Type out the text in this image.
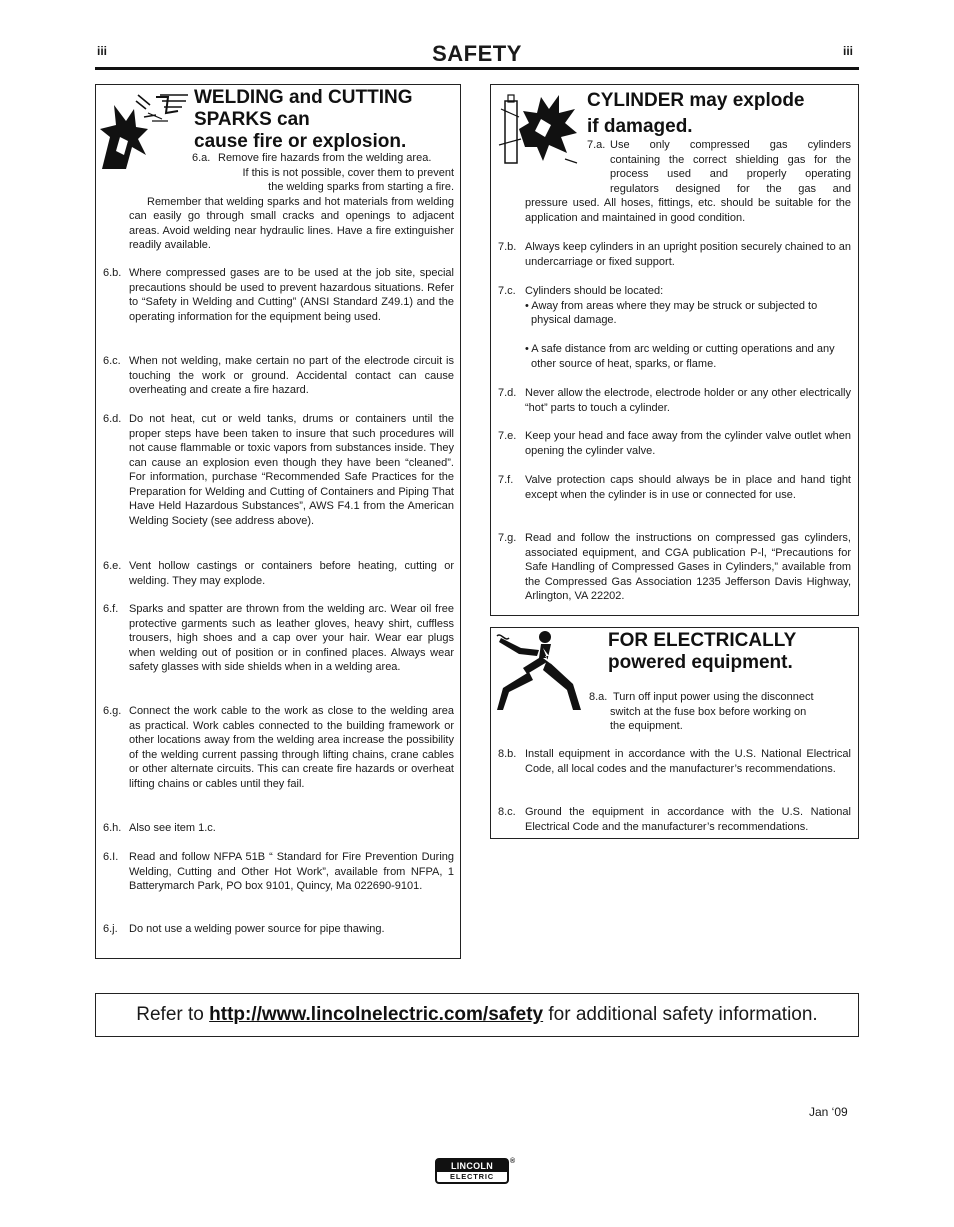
iii	iii
SAFETY
WELDING and CUTTING
SPARKS can
cause fire or explosion.
6.a. Remove fire hazards from the welding area.
If this is not possible, cover them to prevent
the welding sparks from starting a fire.
Remember that welding sparks and hot materials from welding can easily go through small cracks and openings to adjacent areas. Avoid welding near hydraulic lines. Have a fire extinguisher readily available.
6.b. Where compressed gases are to be used at the job site, special precautions should be used to prevent hazardous situations. Refer to “Safety in Welding and Cutting” (ANSI Standard Z49.1) and the operating information for the equipment being used.
6.c. When not welding, make certain no part of the electrode circuit is touching the work or ground. Accidental contact can cause overheating and create a fire hazard.
6.d. Do not heat, cut or weld tanks, drums or containers until the proper steps have been taken to insure that such procedures will not cause flammable or toxic vapors from substances inside. They can cause an explosion even though they have been “cleaned”. For information, purchase “Recommended Safe Practices for the Preparation for Welding and Cutting of Containers and Piping That Have Held Hazardous Substances”, AWS F4.1 from the American Welding Society (see address above).
6.e. Vent hollow castings or containers before heating, cutting or welding. They may explode.
6.f. Sparks and spatter are thrown from the welding arc. Wear oil free protective garments such as leather gloves, heavy shirt, cuffless trousers, high shoes and a cap over your hair. Wear ear plugs when welding out of position or in confined places. Always wear safety glasses with side shields when in a welding area.
6.g. Connect the work cable to the work as close to the welding area as practical. Work cables connected to the building framework or other locations away from the welding area increase the possibility of the welding current passing through lifting chains, crane cables or other alternate circuits. This can create fire hazards or overheat lifting chains or cables until they fail.
6.h. Also see item 1.c.
6.I. Read and follow NFPA 51B “ Standard for Fire Prevention During Welding, Cutting and Other Hot Work”, available from NFPA, 1 Batterymarch Park, PO box 9101, Quincy, Ma 022690-9101.
6.j. Do not use a welding power source for pipe thawing.
CYLINDER may explode
if damaged.
7.a. Use only compressed gas cylinders
containing the correct shielding gas for the
process used and properly operating
regulators designed for the gas and
pressure used. All hoses, fittings, etc. should be suitable for the application and maintained in good condition.
7.b. Always keep cylinders in an upright position securely chained to an undercarriage or fixed support.
7.c. Cylinders should be located:
• Away from areas where they may be struck or subjected to physical damage.
• A safe distance from arc welding or cutting operations and any other source of heat, sparks, or flame.
7.d. Never allow the electrode, electrode holder or any other electrically “hot” parts to touch a cylinder.
7.e. Keep your head and face away from the cylinder valve outlet when opening the cylinder valve.
7.f. Valve protection caps should always be in place and hand tight except when the cylinder is in use or connected for use.
7.g. Read and follow the instructions on compressed gas cylinders, associated equipment, and CGA publication P-l, “Precautions for Safe Handling of Compressed Gases in Cylinders,” available from the Compressed Gas Association 1235 Jefferson Davis Highway, Arlington, VA 22202.
FOR ELECTRICALLY
powered equipment.
8.a. Turn off input power using the disconnect
switch at the fuse box before working on
the equipment.
8.b. Install equipment in accordance with the U.S. National Electrical Code, all local codes and the manufacturer’s recommendations.
8.c. Ground the equipment in accordance with the U.S. National Electrical Code and the manufacturer’s recommendations.
Refer to http://www.lincolnelectric.com/safety for additional safety information.
Jan ‘09
LINCOLN
ELECTRIC
®
